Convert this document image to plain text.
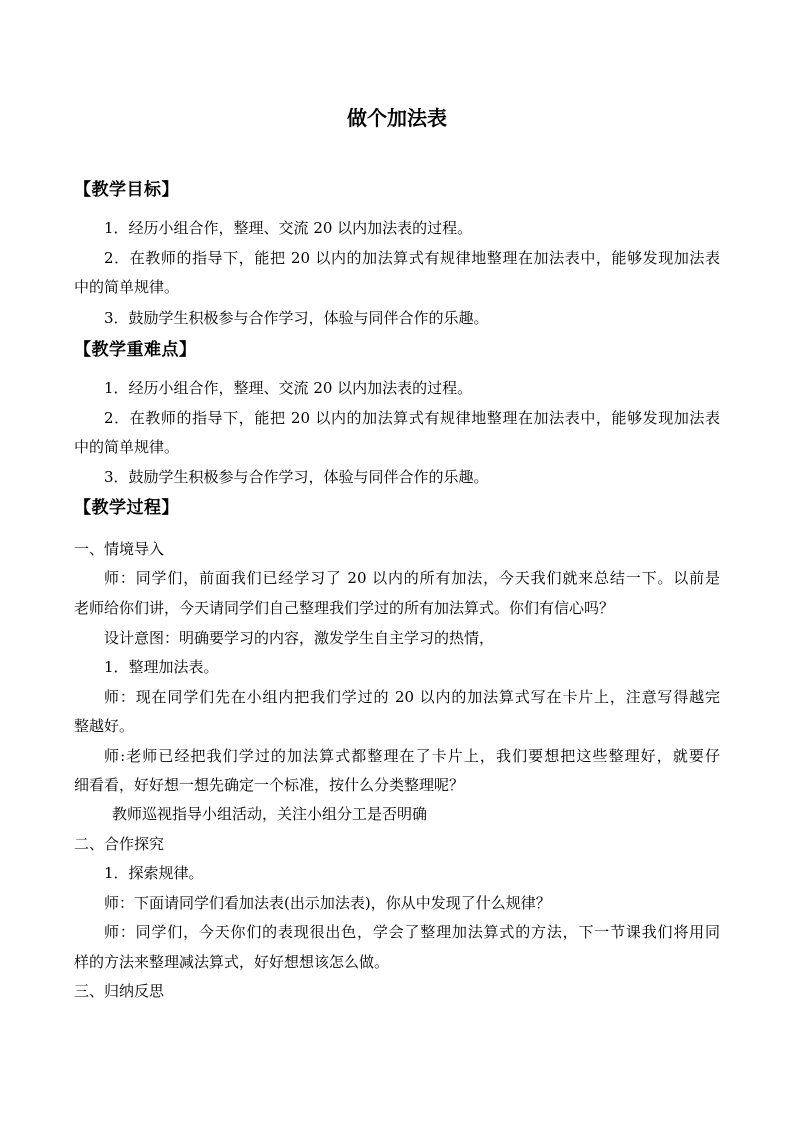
做个加法表
【教学目标】
1．经历小组合作，整理、交流 20 以内加法表的过程。
2．在教师的指导下，能把 20 以内的加法算式有规律地整理在加法表中，能够发现加法表
中的简单规律。
3．鼓励学生积极参与合作学习，体验与同伴合作的乐趣。
【教学重难点】
1．经历小组合作，整理、交流 20 以内加法表的过程。
2．在教师的指导下，能把 20 以内的加法算式有规律地整理在加法表中，能够发现加法表
中的简单规律。
3．鼓励学生积极参与合作学习，体验与同伴合作的乐趣。
【教学过程】
一、情境导入
师：同学们，前面我们已经学习了 20 以内的所有加法，今天我们就来总结一下。以前是
老师给你们讲，今天请同学们自己整理我们学过的所有加法算式。你们有信心吗？
设计意图：明确要学习的内容，激发学生自主学习的热情，
1．整理加法表。
师：现在同学们先在小组内把我们学过的 20 以内的加法算式写在卡片上，注意写得越完
整越好。
师:老师已经把我们学过的加法算式都整理在了卡片上，我们要想把这些整理好，就要仔
细看看，好好想一想先确定一个标准，按什么分类整理呢？
教师巡视指导小组活动，关注小组分工是否明确
二、合作探究
1．探索规律。
师：下面请同学们看加法表(出示加法表)，你从中发现了什么规律？
师：同学们，今天你们的表现很出色，学会了整理加法算式的方法，下一节课我们将用同
样的方法来整理减法算式，好好想想该怎么做。
三、归纳反思
